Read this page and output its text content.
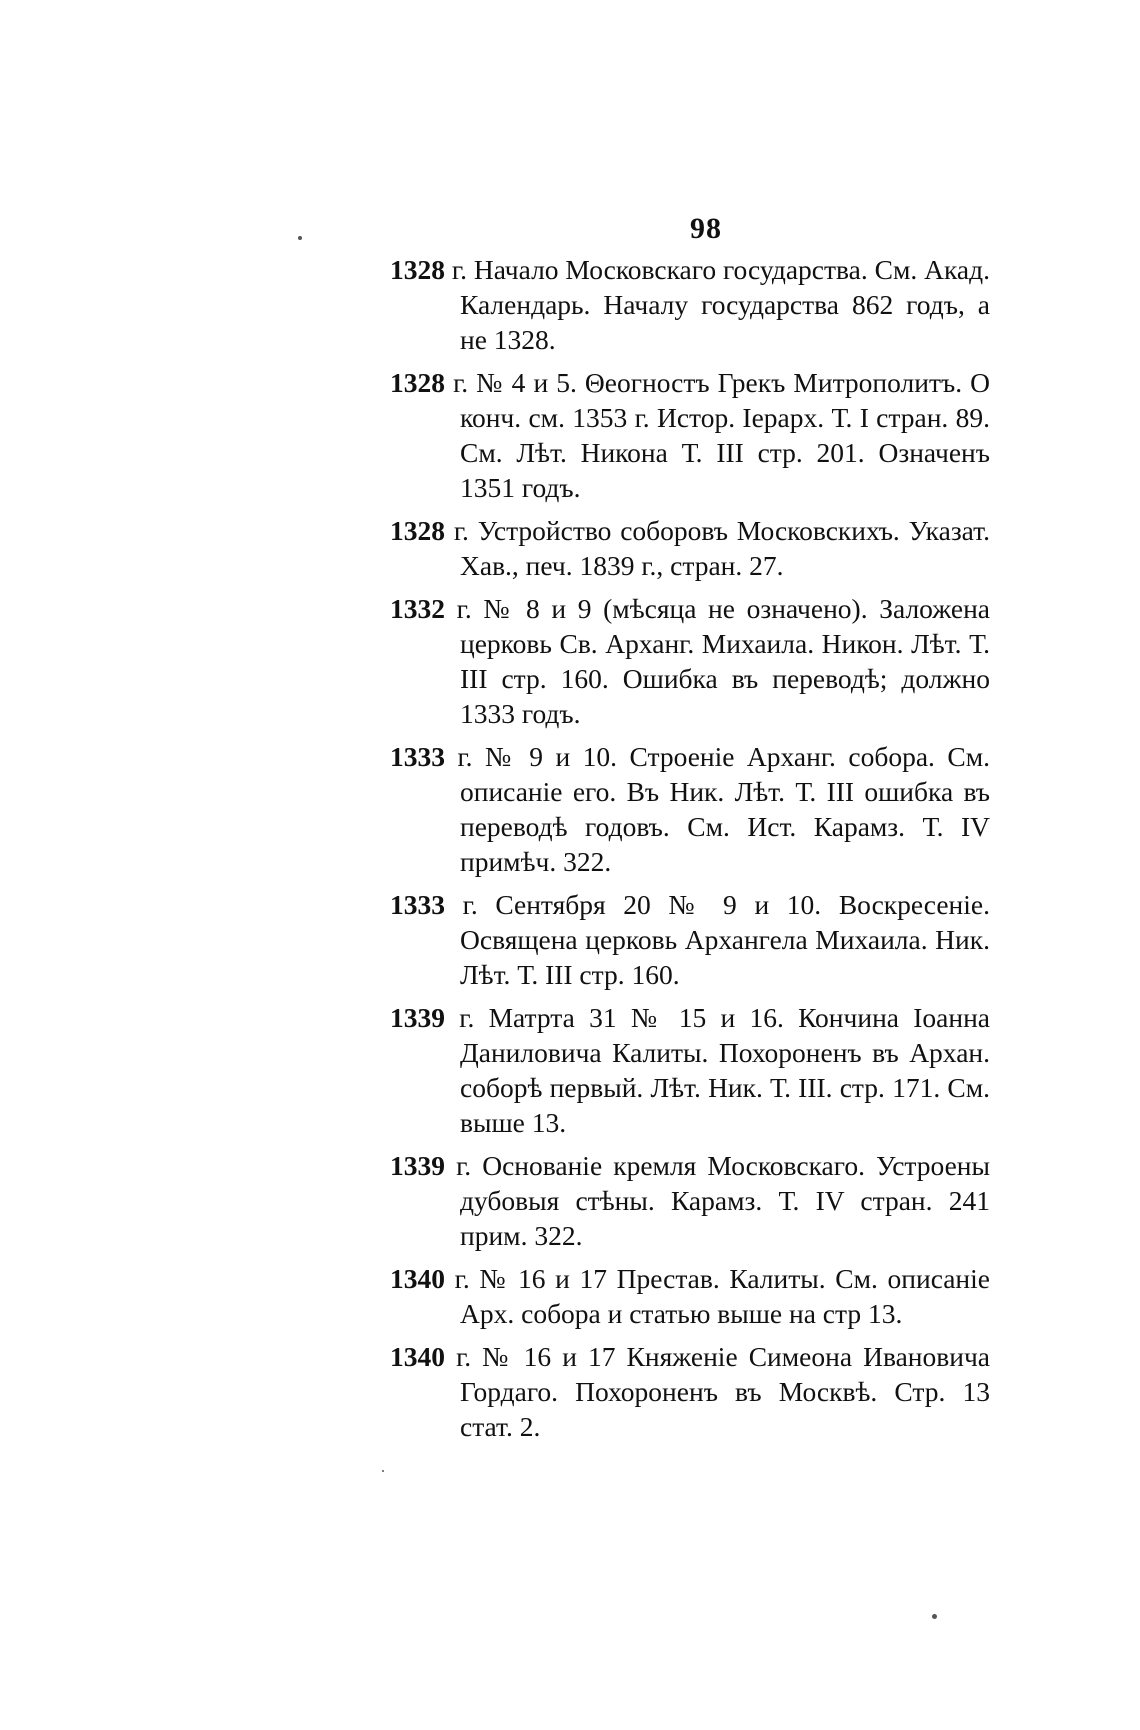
98

1328 г. Начало Московскаго государства. См. Акад. Календарь. Началу государства 862 годъ, а не 1328.

1328 г. № 4 и 5. Θеогностъ Грекъ Митрополитъ. О конч. см. 1353 г. Истор. Іерарх. Т. I стран. 89. См. Лѣт. Никона Т. III стр. 201. Означенъ 1351 годъ.

1328 г. Устройство соборовъ Московскихъ. Указат. Хав., печ. 1839 г., стран. 27.

1332 г. № 8 и 9 (мѣсяца не означено). Заложена церковь Св. Арханг. Михаила. Никон. Лѣт. Т. III стр. 160. Ошибка въ переводѣ; должно 1333 годъ.

1333 г. № 9 и 10. Строеніе Арханг. собора. См. описаніе его. Въ Ник. Лѣт. Т. III ошибка въ переводѣ годовъ. См. Ист. Карамз. Т. IV примѣч. 322.

1333 г. Сентября 20 № 9 и 10. Воскресеніе. Освящена церковь Архангела Михаила. Ник. Лѣт. Т. III стр. 160.

1339 г. Матрта 31 № 15 и 16. Кончина Іоанна Даниловича Калиты. Похороненъ въ Архан. соборѣ первый. Лѣт. Ник. Т. III. стр. 171. См. выше 13.

1339 г. Основаніе кремля Московскаго. Устроены дубовыя стѣны. Карамз. Т. IV стран. 241 прим. 322.

1340 г. № 16 и 17 Престав. Калиты. См. описаніе Арх. собора и статью выше на стр 13.

1340 г. № 16 и 17 Княженіе Симеона Ивановича Гордаго. Похороненъ въ Москвѣ. Стр. 13 стат. 2.
